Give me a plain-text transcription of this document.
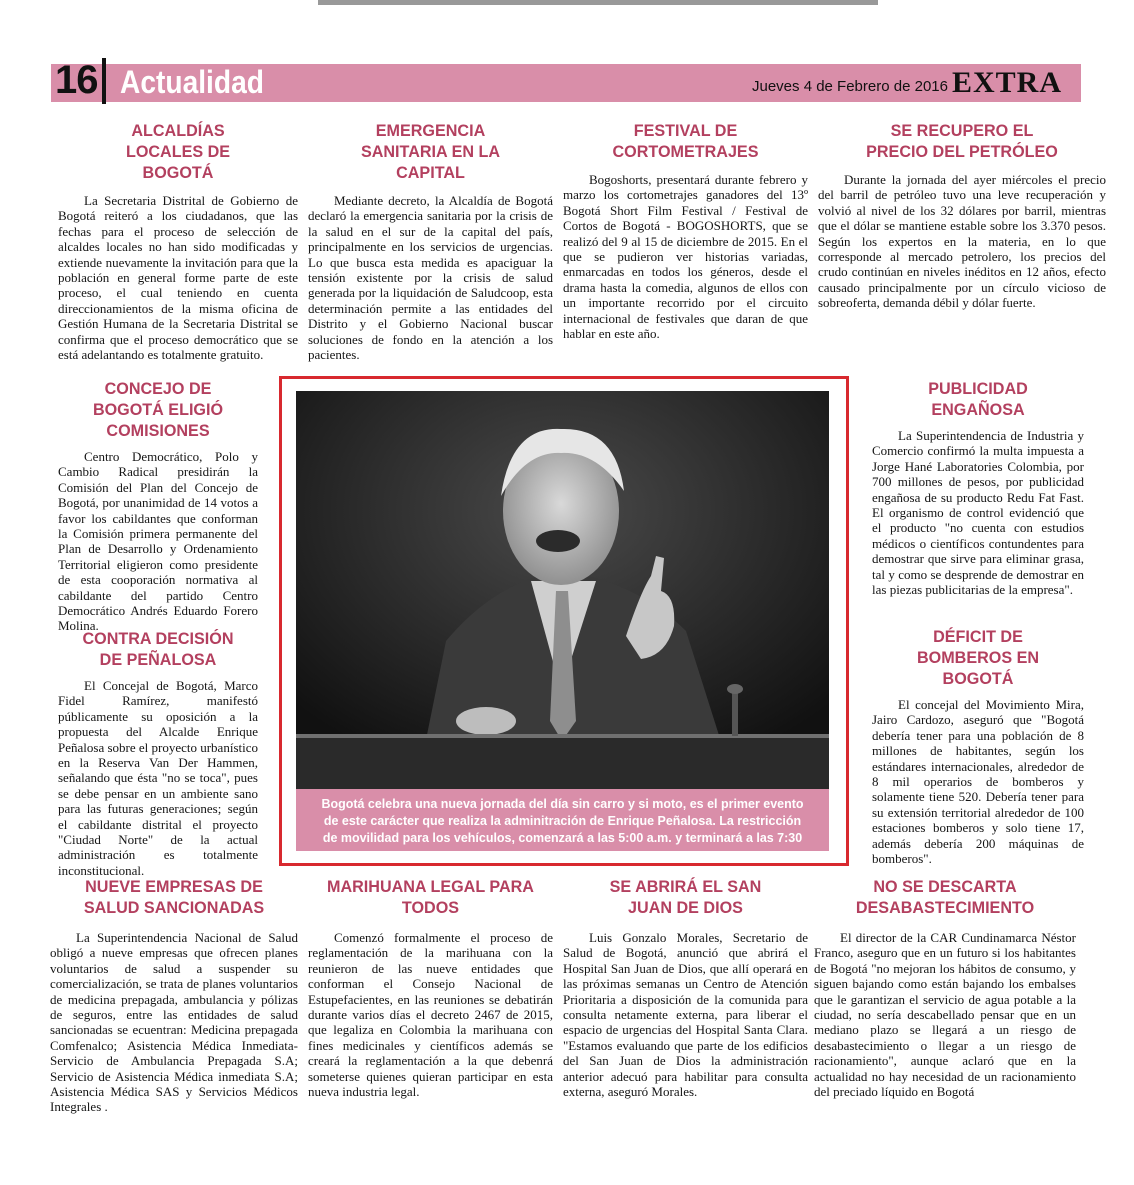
16 Actualidad	Jueves 4 de Febrero de 2016 EXTRA
ALCALDÍAS LOCALES DE BOGOTÁ

La Secretaria Distrital de Gobierno de Bogotá reiteró a los ciudadanos, que las fechas para el proceso de selección de alcaldes locales no han sido modificadas y extiende nuevamente la invitación para que la población en general forme parte de este proceso, el cual teniendo en cuenta direccionamientos de la misma oficina de Gestión Humana de la Secretaria Distrital se confirma que el proceso democrático que se está adelantando es totalmente gratuito.

EMERGENCIA SANITARIA EN LA CAPITAL

Mediante decreto, la Alcaldía de Bogotá declaró la emergencia sanitaria por la crisis de la salud en el sur de la capital del país, principalmente en los servicios de urgencias. Lo que busca esta medida es apaciguar la tensión existente por la crisis de salud generada por la liquidación de Saludcoop, esta determinación permite a las entidades del Distrito y el Gobierno Nacional buscar soluciones de fondo en la atención a los pacientes.

FESTIVAL DE CORTOMETRAJES

Bogoshorts, presentará durante febrero y marzo los cortometrajes ganadores del 13º Bogotá Short Film Festival / Festival de Cortos de Bogotá - BOGOSHORTS, que se realizó del 9 al 15 de diciembre de 2015. En el que se pudieron ver historias variadas, enmarcadas en todos los géneros, desde el drama hasta la comedia, algunos de ellos con un importante recorrido por el circuito internacional de festivales que daran de que hablar en este año.

SE RECUPERO EL PRECIO DEL PETRÓLEO

Durante la jornada del ayer miércoles el precio del barril de petróleo tuvo una leve recuperación y volvió al nivel de los 32 dólares por barril, mientras que el dólar se mantiene estable sobre los 3.370 pesos. Según los expertos en la materia, en lo que corresponde al mercado petrolero, los precios del crudo continúan en niveles inéditos en 12 años, efecto causado principalmente por un círculo vicioso de sobreoferta, demanda débil y dólar fuerte.

CONCEJO DE BOGOTÁ ELIGIÓ COMISIONES

Centro Democrático, Polo y Cambio Radical presidirán la Comisión del Plan del Concejo de Bogotá, por unanimidad de 14 votos a favor los cabildantes que conforman la Comisión primera permanente del Plan de Desarrollo y Ordenamiento Territorial eligieron como presidente de esta cooporación normativa al cabildante del partido Centro Democrático Andrés Eduardo Forero Molina.

CONTRA DECISIÓN DE PEÑALOSA

El Concejal de Bogotá, Marco Fidel Ramírez, manifestó públicamente su oposición a la propuesta del Alcalde Enrique Peñalosa sobre el proyecto urbanístico en la Reserva Van Der Hammen, señalando que ésta "no se toca", pues se debe pensar en un ambiente sano para las futuras generaciones; según el cabildante distrital el proyecto "Ciudad Norte" de la actual administración es totalmente inconstitucional.

PUBLICIDAD ENGAÑOSA

La Superintendencia de Industria y Comercio confirmó la multa impuesta a Jorge Hané Laboratories Colombia, por 700 millones de pesos, por publicidad engañosa de su producto Redu Fat Fast. El organismo de control evidenció que el producto "no cuenta con estudios médicos o científicos contundentes para demostrar que sirve para eliminar grasa, tal y como se desprende de demostrar en las piezas publicitarias de la empresa".

DÉFICIT DE BOMBEROS EN BOGOTÁ

El concejal del Movimiento Mira, Jairo Cardozo, aseguró que "Bogotá debería tener para una población de 8 millones de habitantes, según los estándares internacionales, alrededor de 8 mil operarios de bomberos y solamente tiene 520. Debería tener para su extensión territorial alrededor de 100 estaciones bomberos y solo tiene 17, además debería 200 máquinas de bomberos".

Bogotá celebra una nueva jornada del día sin carro y si moto, es el primer evento de este carácter que realiza la adminitración de Enrique Peñalosa. La restricción de movilidad para los vehículos, comenzará a las 5:00 a.m. y terminará a las 7:30 p.m.
NUEVE EMPRESAS DE SALUD SANCIONADAS

La Superintendencia Nacional de Salud obligó a nueve empresas que ofrecen planes voluntarios de salud a suspender su comercialización, se trata de planes voluntarios de medicina prepagada, ambulancia y pólizas de seguros, entre las entidades de salud sancionadas se ecuentran: Medicina prepagada Comfenalco; Asistencia Médica Inmediata-Servicio de Ambulancia Prepagada S.A; Servicio de Asistencia Médica inmediata S.A; Asistencia Médica SAS y Servicios Médicos Integrales .

MARIHUANA LEGAL PARA TODOS

Comenzó formalmente el proceso de reglamentación de la marihuana con la reunieron de las nueve entidades que conforman el Consejo Nacional de Estupefacientes, en las reuniones se debatirán durante varios días el decreto 2467 de 2015, que legaliza en Colombia la marihuana con fines medicinales y científicos además se creará la reglamentación a la que debenrá someterse quienes quieran participar en esta nueva industria legal.

SE ABRIRÁ EL SAN JUAN DE DIOS

Luis Gonzalo Morales, Secretario de Salud de Bogotá, anunció que abrirá el Hospital San Juan de Dios, que allí operará en las próximas semanas un Centro de Atención Prioritaria a disposición de la comunida para consulta netamente externa, para liberar el espacio de urgencias del Hospital Santa Clara. "Estamos evaluando que parte de los edificios del San Juan de Dios la administración anterior adecuó para habilitar para consulta externa, aseguró Morales.

NO SE DESCARTA DESABASTECIMIENTO

El director de la CAR Cundinamarca Néstor Franco, aseguro que en un futuro si los habitantes de Bogotá "no mejoran los hábitos de consumo, y siguen bajando como están bajando los embalses que le garantizan el servicio de agua potable a la ciudad, no sería descabellado pensar que en un mediano plazo se llegará a un riesgo de desabastecimiento o llegar a un riesgo de racionamiento", aunque aclaró que en la actualidad no hay necesidad de un racionamiento del preciado líquido en Bogotá
